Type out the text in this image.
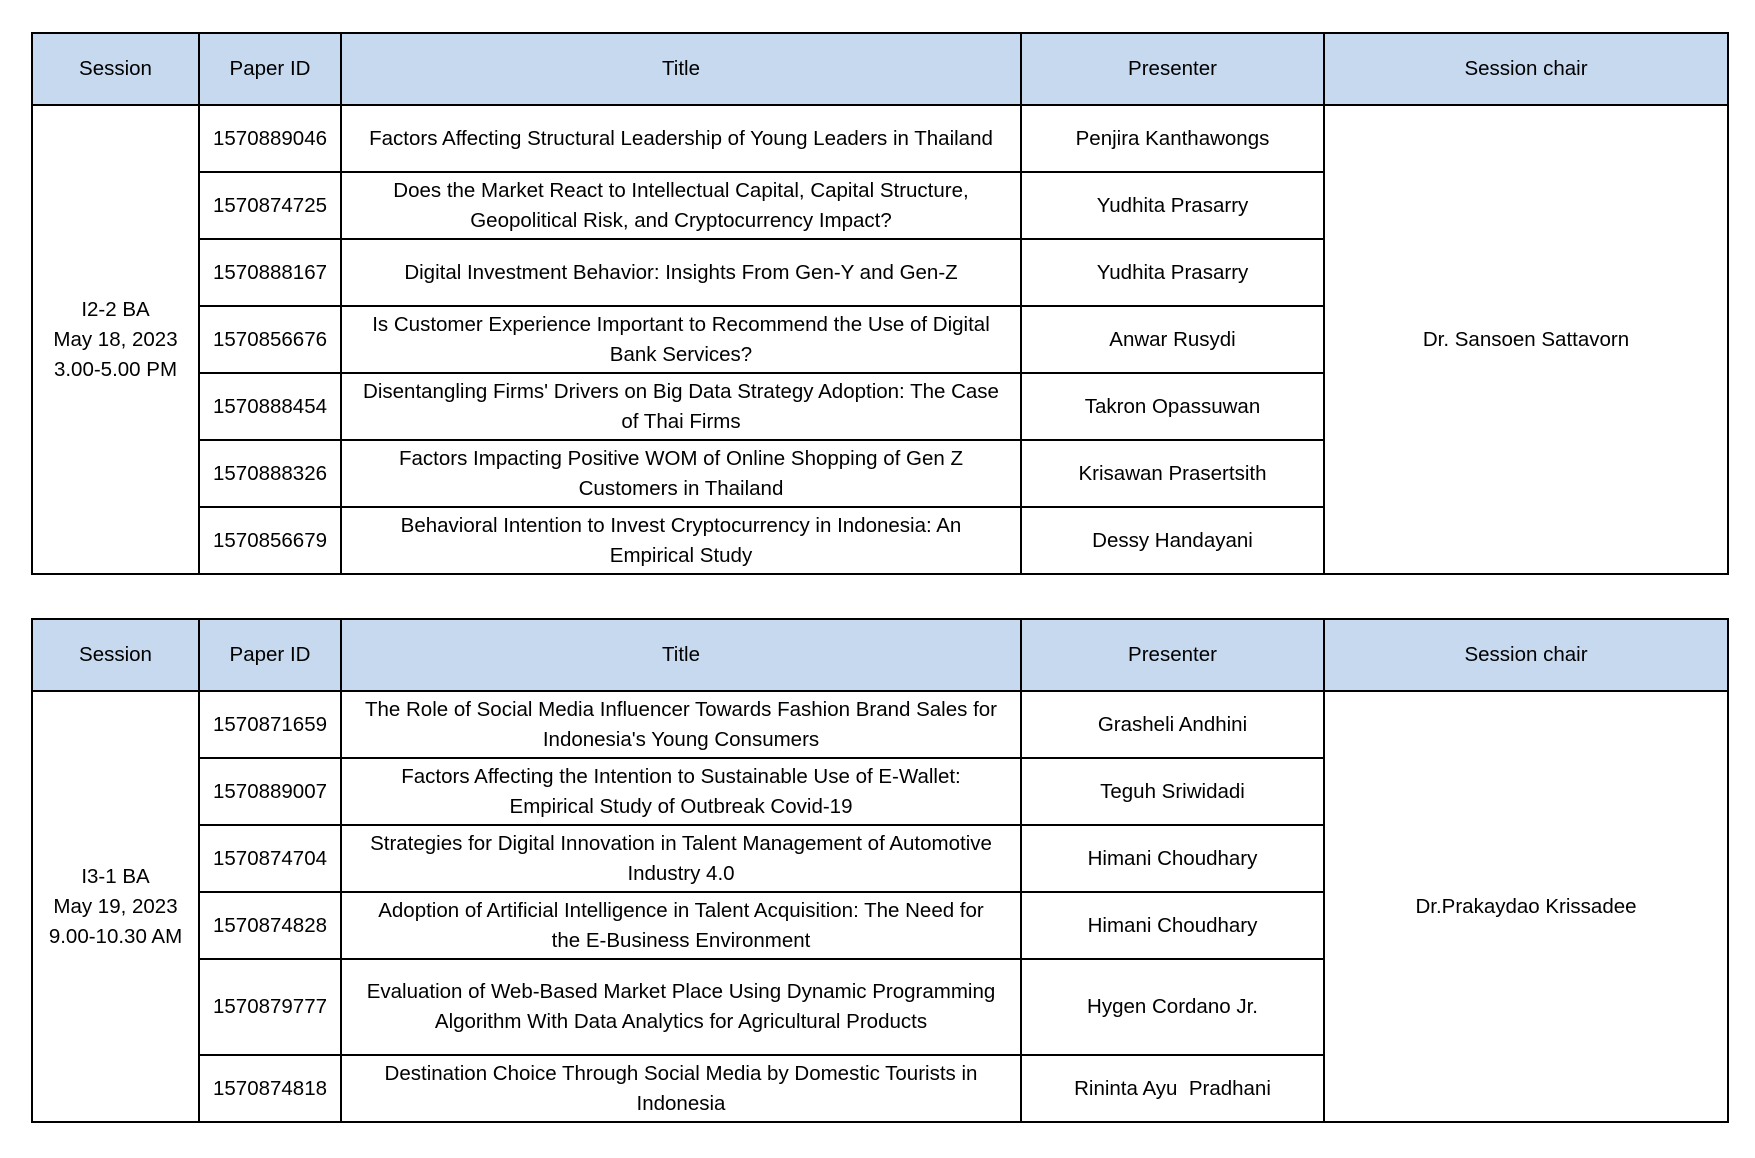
Session	Paper ID	Title	Presenter	Session chair

I2-2 BA
May 18, 2023
3.00-5.00 PM	1570889046	Factors Affecting Structural Leadership of Young Leaders in Thailand	Penjira Kanthawongs	Dr. Sansoen Sattavorn
	1570874725	Does the Market React to Intellectual Capital, Capital Structure,
Geopolitical Risk, and Cryptocurrency Impact?	Yudhita Prasarry	
	1570888167	Digital Investment Behavior: Insights From Gen-Y and Gen-Z	Yudhita Prasarry	
	1570856676	Is Customer Experience Important to Recommend the Use of Digital
Bank Services?	Anwar Rusydi	
	1570888454	Disentangling Firms' Drivers on Big Data Strategy Adoption: The Case
of Thai Firms	Takron Opassuwan	
	1570888326	Factors Impacting Positive WOM of Online Shopping of Gen Z
Customers in Thailand	Krisawan Prasertsith	
	1570856679	Behavioral Intention to Invest Cryptocurrency in Indonesia: An
Empirical Study	Dessy Handayani	
Session	Paper ID	Title	Presenter	Session chair

I3-1 BA
May 19, 2023
9.00-10.30 AM	1570871659	The Role of Social Media Influencer Towards Fashion Brand Sales for
Indonesia's Young Consumers	Grasheli Andhini	Dr.Prakaydao Krissadee
	1570889007	Factors Affecting the Intention to Sustainable Use of E-Wallet:
Empirical Study of Outbreak Covid-19	Teguh Sriwidadi	
	1570874704	Strategies for Digital Innovation in Talent Management of Automotive
Industry 4.0	Himani Choudhary	
	1570874828	Adoption of Artificial Intelligence in Talent Acquisition: The Need for
the E-Business Environment	Himani Choudhary	
	1570879777	Evaluation of Web-Based Market Place Using Dynamic Programming
Algorithm With Data Analytics for Agricultural Products	Hygen Cordano Jr.	
	1570874818	Destination Choice Through Social Media by Domestic Tourists in
Indonesia	Rininta Ayu  Pradhani	
